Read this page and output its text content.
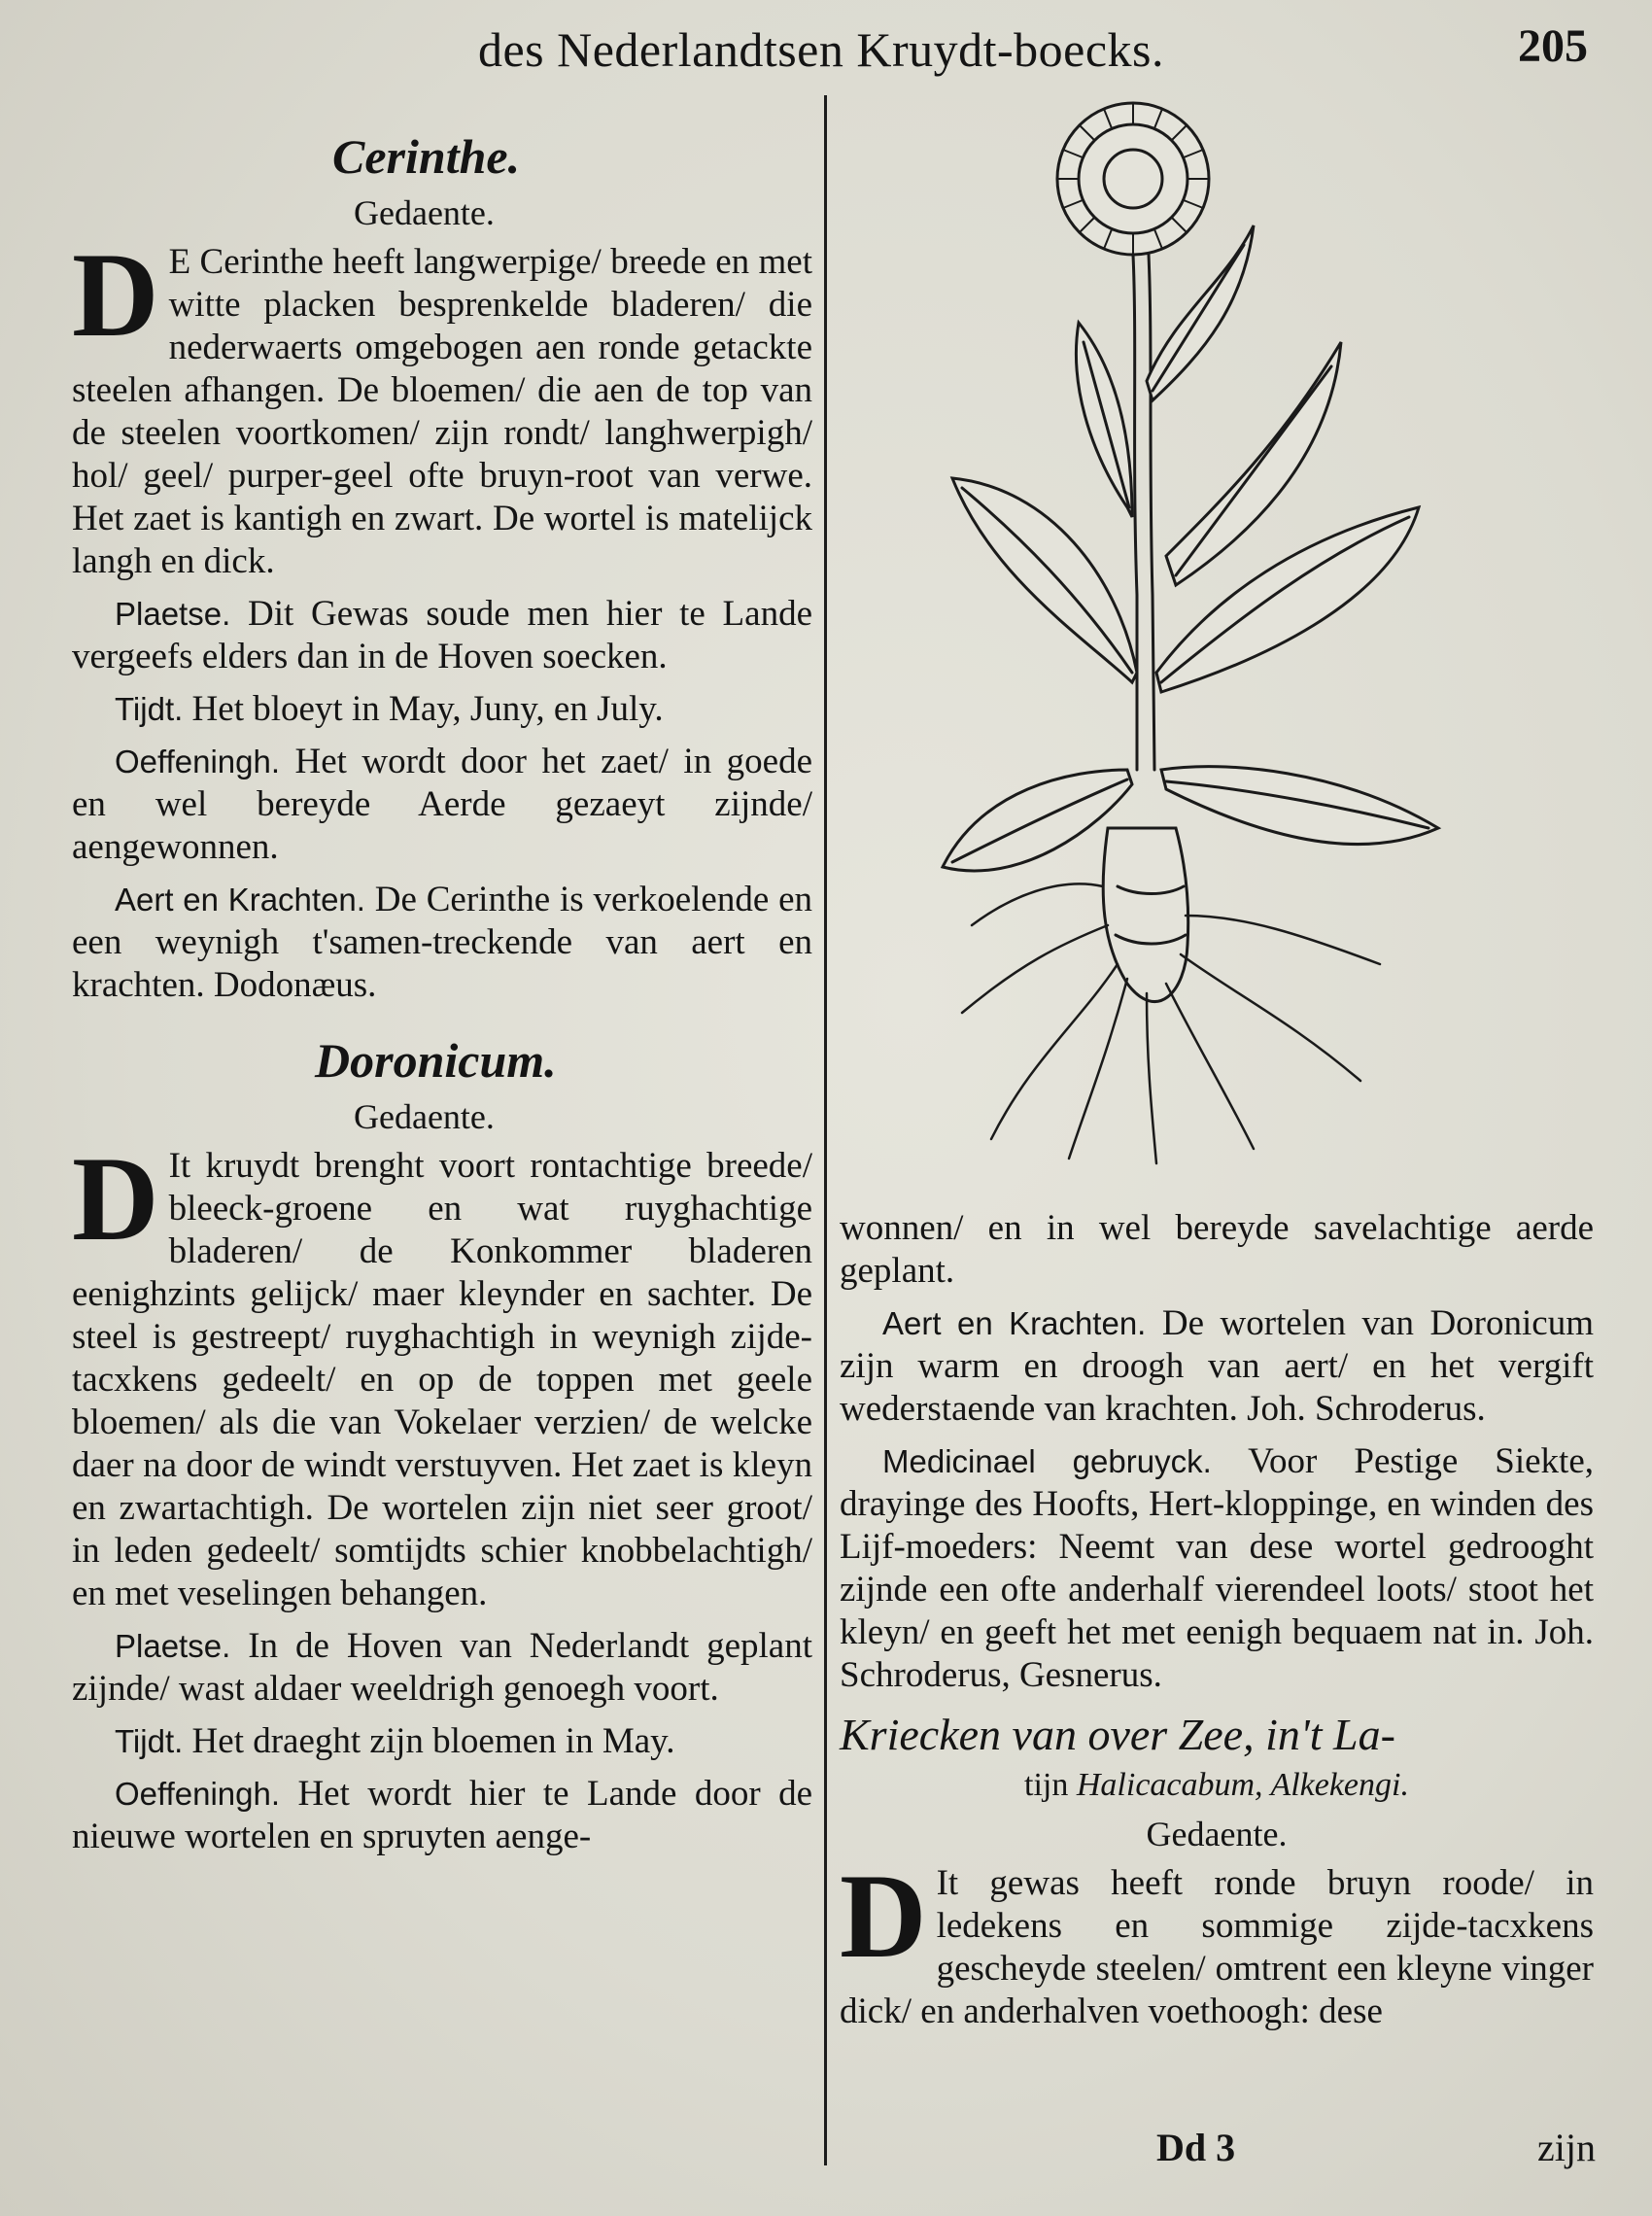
des Nederlandtsen Kruydt-boecks.	205
Cerinthe.
Gedaente.

D E Cerinthe heeft langwerpige/ breede en met witte placken besprenkelde bladeren/ die nederwaerts omgebogen aen ronde getackte steelen afhangen. De bloemen/ die aen de top van de steelen voortkomen/ zijn rondt/ langhwerpigh/ hol/ geel/ purper-geel ofte bruyn-root van verwe. Het zaet is kantigh en zwart. De wortel is matelijck langh en dick.

Plaetse. Dit Gewas soude men hier te Lande vergeefs elders dan in de Hoven soecken.

Tijdt. Het bloeyt in May, Juny, en July.

Oeffeningh. Het wordt door het zaet/ in goede en wel bereyde Aerde gezaeyt zijnde/ aengewonnen.

Aert en Krachten. De Cerinthe is verkoelende en een weynigh t'samen-treckende van aert en krachten. Dodonæus.

Doronicum.
Gedaente.

D It kruydt brenght voort rontachtige breede/ bleeck-groene en wat ruyghachtige bladeren/ de Konkommer bladeren eenighzints gelijck/ maer kleynder en sachter. De steel is gestreept/ ruyghachtigh in weynigh zijde-tacxkens gedeelt/ en op de toppen met geele bloemen/ als die van Vokelaer verzien/ de welcke daer na door de windt verstuyven. Het zaet is kleyn en zwartachtigh. De wortelen zijn niet seer groot/ in leden gedeelt/ somtijdts schier knobbelachtigh/ en met veselingen behangen.

Plaetse. In de Hoven van Nederlandt geplant zijnde/ wast aldaer weeldrigh genoegh voort.

Tijdt. Het draeght zijn bloemen in May.

Oeffeningh. Het wordt hier te Lande door de nieuwe wortelen en spruyten aenge-

wonnen/ en in wel bereyde savelachtige aerde geplant.

Aert en Krachten. De wortelen van Doronicum zijn warm en droogh van aert/ en het vergift wederstaende van krachten. Joh. Schroderus.

Medicinael gebruyck. Voor Pestige Siekte, drayinge des Hoofts, Hert-kloppinge, en winden des Lijf-moeders: Neemt van dese wortel gedrooght zijnde een ofte anderhalf vierendeel loots/ stoot het kleyn/ en geeft het met eenigh bequaem nat in. Joh. Schroderus, Gesnerus.

Kriecken van over Zee, in't La-
tijn Halicacabum, Alkekengi.
Gedaente.

D It gewas heeft ronde bruyn roode/ in ledekens en sommige zijde-tacxkens gescheyde steelen/ omtrent een kleyne vinger dick/ en anderhalven voethoogh: dese

Dd 3	zijn
